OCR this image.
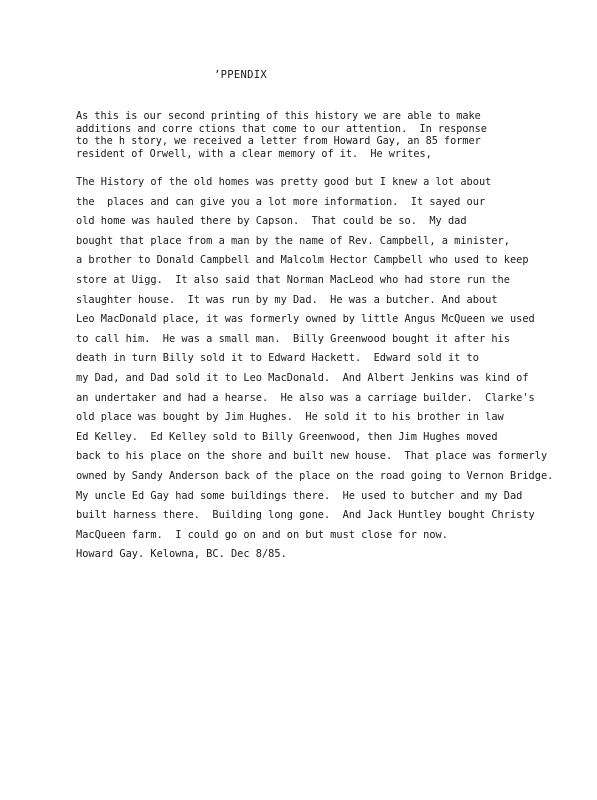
’PPENDIX
As this is our second printing of this history we are able to make
additions and corre ctions that come to our attention.  In response
to the h story, we received a letter from Howard Gay, an 85 former
resident of Orwell, with a clear memory of it.  He writes,
The History of the old homes was pretty good but I knew a lot about
the  places and can give you a lot more information.  It sayed our
old home was hauled there by Capson.  That could be so.  My dad
bought that place from a man by the name of Rev. Campbell, a minister,
a brother to Donald Campbell and Malcolm Hector Campbell who used to keep
store at Uigg.  It also said that Norman MacLeod who had store run the
slaughter house.  It was run by my Dad.  He was a butcher. And about
Leo MacDonald place, it was formerly owned by little Angus McQueen we used
to call him.  He was a small man.  Billy Greenwood bought it after his
death in turn Billy sold it to Edward Hackett.  Edward sold it to
my Dad, and Dad sold it to Leo MacDonald.  And Albert Jenkins was kind of
an undertaker and had a hearse.  He also was a carriage builder.  Clarke's
old place was bought by Jim Hughes.  He sold it to his brother in law
Ed Kelley.  Ed Kelley sold to Billy Greenwood, then Jim Hughes moved
back to his place on the shore and built new house.  That place was formerly
owned by Sandy Anderson back of the place on the road going to Vernon Bridge.
My uncle Ed Gay had some buildings there.  He used to butcher and my Dad
built harness there.  Building long gone.  And Jack Huntley bought Christy
MacQueen farm.  I could go on and on but must close for now.
Howard Gay. Kelowna, BC. Dec 8/85.
